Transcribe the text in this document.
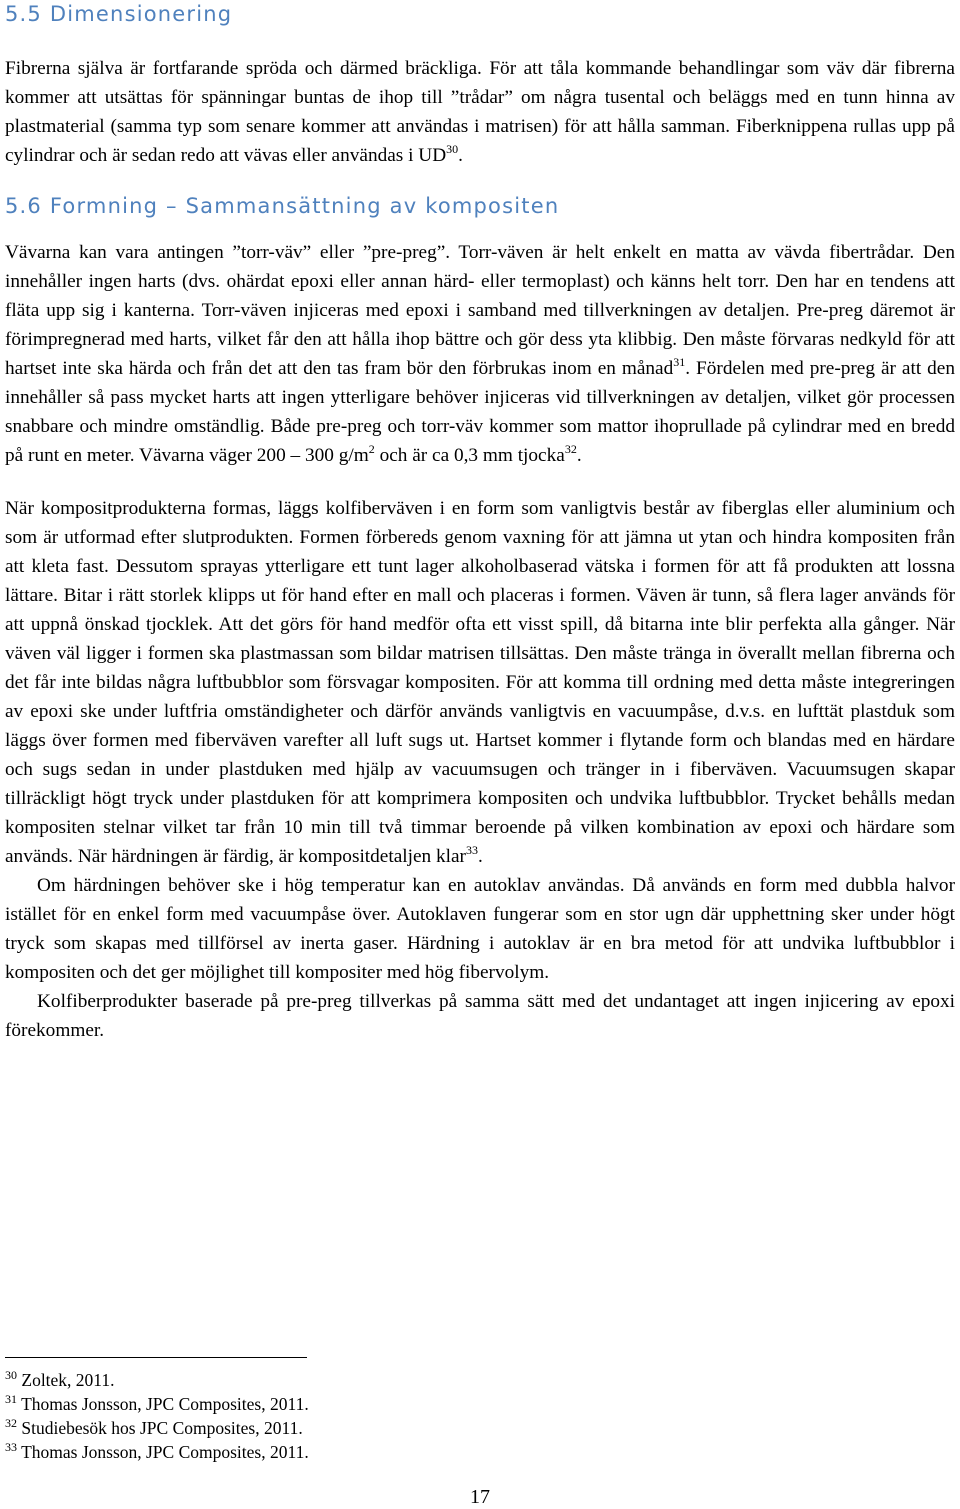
5.5 Dimensionering

Fibrerna själva är fortfarande spröda och därmed bräckliga. För att tåla kommande behandlingar som väv där fibrerna kommer att utsättas för spänningar buntas de ihop till ”trådar” om några tusental och beläggs med en tunn hinna av plastmaterial (samma typ som senare kommer att användas i matrisen) för att hålla samman. Fiberknippena rullas upp på cylindrar och är sedan redo att vävas eller användas i UD$^{30}$.

5.6 Formning – Sammansättning av kompositen

Vävarna kan vara antingen ”torr-väv” eller ”pre-preg”. Torr-väven är helt enkelt en matta av vävda fibertrådar. Den innehåller ingen harts (dvs. ohärdat epoxi eller annan härd- eller termoplast) och känns helt torr. Den har en tendens att fläta upp sig i kanterna. Torr-väven injiceras med epoxi i samband med tillverkningen av detaljen. Pre-preg däremot är förimpregnerad med harts, vilket får den att hålla ihop bättre och gör dess yta klibbig. Den måste förvaras nedkyld för att hartset inte ska härda och från det att den tas fram bör den förbrukas inom en månad$^{31}$. Fördelen med pre-preg är att den innehåller så pass mycket harts att ingen ytterligare behöver injiceras vid tillverkningen av detaljen, vilket gör processen snabbare och mindre omständlig. Både pre-preg och torr-väv kommer som mattor ihoprullade på cylindrar med en bredd på runt en meter. Vävarna väger 200 – 300 $g/m^2$ och är ca 0,3 mm tjocka$^{32}$.

När kompositprodukterna formas, läggs kolfiberväven i en form som vanligtvis består av fiberglas eller aluminium och som är utformad efter slutprodukten. Formen förbereds genom vaxning för att jämna ut ytan och hindra kompositen från att kleta fast. Dessutom sprayas ytterligare ett tunt lager alkoholbaserad vätska i formen för att få produkten att lossna lättare. Bitar i rätt storlek klipps ut för hand efter en mall och placeras i formen. Väven är tunn, så flera lager används för att uppnå önskad tjocklek. Att det görs för hand medför ofta ett visst spill, då bitarna inte blir perfekta alla gånger. När väven väl ligger i formen ska plastmassan som bildar matrisen tillsättas. Den måste tränga in överallt mellan fibrerna och det får inte bildas några luftbubblor som försvagar kompositen. För att komma till ordning med detta måste integreringen av epoxi ske under luftfria omständigheter och därför används vanligtvis en vacuumpåse, d.v.s. en lufttät plastduk som läggs över formen med fiberväven varefter all luft sugs ut. Hartset kommer i flytande form och blandas med en härdare och sugs sedan in under plastduken med hjälp av vacuumsugen och tränger in i fiberväven. Vacuumsugen skapar tillräckligt högt tryck under plastduken för att komprimera kompositen och undvika luftbubblor. Trycket behålls medan kompositen stelnar vilket tar från 10 min till två timmar beroende på vilken kombination av epoxi och härdare som används. När härdningen är färdig, är kompositdetaljen klar$^{33}$.

Om härdningen behöver ske i hög temperatur kan en autoklav användas. Då används en form med dubbla halvor istället för en enkel form med vacuumpåse över. Autoklaven fungerar som en stor ugn där upphettning sker under högt tryck som skapas med tillförsel av inerta gaser. Härdning i autoklav är en bra metod för att undvika luftbubblor i kompositen och det ger möjlighet till kompositer med hög fibervolym.

Kolfiberprodukter baserade på pre-preg tillverkas på samma sätt med det undantaget att ingen injicering av epoxi förekommer.

$^{30}$ Zoltek, 2011.
$^{31}$ Thomas Jonsson, JPC Composites, 2011.
$^{32}$ Studiebesök hos JPC Composites, 2011.
$^{33}$ Thomas Jonsson, JPC Composites, 2011.
17
